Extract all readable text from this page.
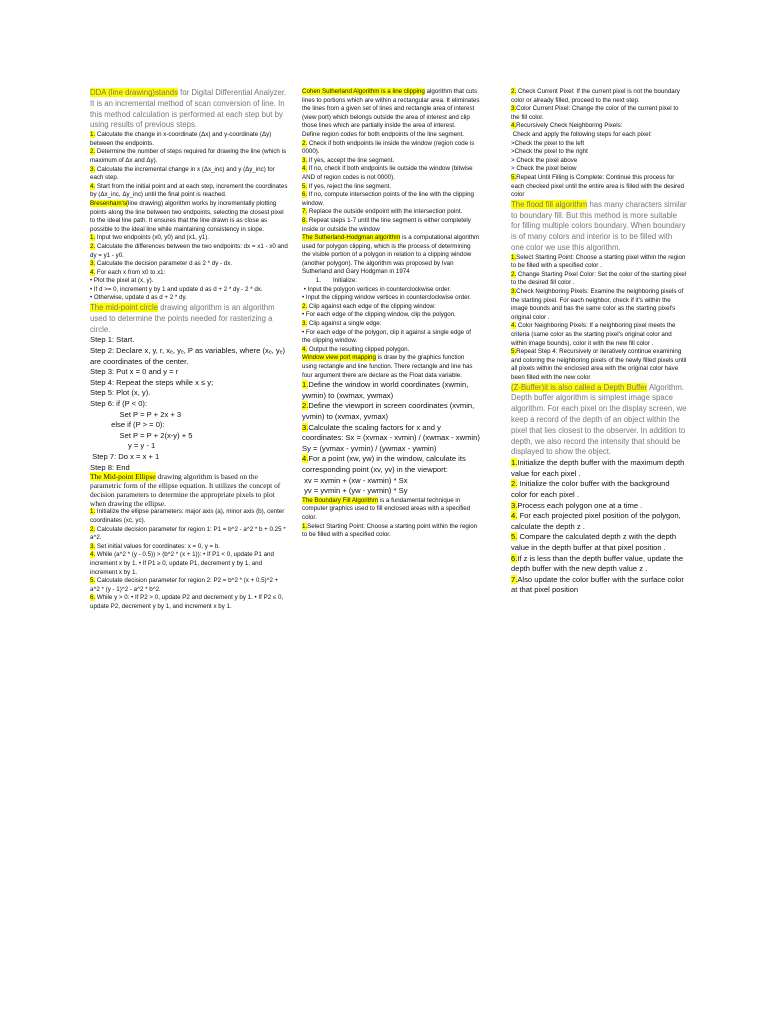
DDA (line drawing)stands for Digital Differential Analyzer. It is an incremental method of scan conversion of line. In this method calculation is performed at each step but by using results of previous steps.

1. Calculate the change in x-coordinate (Δx) and y-coordinate (Δy) between the endpoints.

2. Determine the number of steps required for drawing the line (which is maximum of Δx and Δy).

3. Calculate the incremental change in x (Δx_inc) and y (Δy_inc) for each step.

4. Start from the initial point and at each step, increment the coordinates by (Δx_inc, Δy_inc) until the final point is reached.

Bresenham's(line drawing) algorithm works by incrementally plotting points along the line between two endpoints, selecting the closest pixel to the ideal line path. It ensures that the line drawn is as close as possible to the ideal line while maintaining consistency in slope.

1. Input two endpoints (x0, y0) and (x1, y1).

2. Calculate the differences between the two endpoints: dx = x1 - x0 and dy = y1 - y0.

3. Calculate the decision parameter d as 2 * dy - dx.

4. For each x from x0 to x1:
• Plot the pixel at (x, y).
• If d >= 0, increment y by 1 and update d as d + 2 * dy - 2 * dx.
• Otherwise, update d as d + 2 * dy.

The mid-point circle drawing algorithm is an algorithm used to determine the points needed for rasterizing a circle.

Step 1: Start.
Step 2: Declare x, y, r, xₑ, yₑ, P as variables, where (xₑ, yₑ) are coordinates of the center.
Step 3: Put x = 0 and y = r
Step 4: Repeat the steps while x ≤ y;
Step 5: Plot (x, y).
Step 6: if (P < 0):
Set P = P + 2x + 3
else if (P > = 0):
Set P = P + 2(x-y) + 5
y = y - 1
Step 7: Do x = x + 1
Step 8: End

The Mid-point Ellipse drawing algorithm is based on the parametric form of the ellipse equation. It utilizes the concept of decision parameters to determine the appropriate pixels to plot when drawing the ellipse.

1. Initialize the ellipse parameters: major axis (a), minor axis (b), center coordinates (xc, yc).

2. Calculate decision parameter for region 1: P1 = b^2 - a^2 * b + 0.25 * a^2.

3. Set initial values for coordinates: x = 0, y = b.

4. While (a^2 * (y - 0.5)) > (b^2 * (x + 1)): • If P1 < 0, update P1 and increment x by 1. • If P1 ≥ 0, update P1, decrement y by 1, and increment x by 1.

5. Calculate decision parameter for region 2: P2 = b^2 * (x + 0.5)^2 + a^2 * (y - 1)^2 - a^2 * b^2.

6. While y > 0: • If P2 > 0, update P2 and decrement y by 1. • If P2 ≤ 0, update P2, decrement y by 1, and increment x by 1.

Cohen Sutherland Algorithm is a line clipping algorithm that cuts lines to portions which are within a rectangular area. It eliminates the lines from a given set of lines and rectangle area of interest (view port) which belongs outside the area of interest and clip those lines which are partially inside the area of interest.
Define region codes for both endpoints of the line segment.

2. Check if both endpoints lie inside the window (region code is 0000).

3. If yes, accept the line segment.

4. If no, check if both endpoints lie outside the window (bitwise AND of region codes is not 0000).

5. If yes, reject the line segment.

6. If no, compute intersection points of the line with the clipping window.

7. Replace the outside endpoint with the intersection point.

8. Repeat steps 1-7 until the line segment is either completely inside or outside the window

The Sutherland-Hodgman algorithm is a computational algorithm used for polygon clipping, which is the process of determining the visible portion of a polygon in relation to a clipping window (another polygon). The algorithm was proposed by Ivan Sutherland and Gary Hodgman in 1974
1.       Initialize:
• Input the polygon vertices in counterclockwise order.
• Input the clipping window vertices in counterclockwise order.

2. Clip against each edge of the clipping window:
• For each edge of the clipping window, clip the polygon.

3. Clip against a single edge:
• For each edge of the polygon, clip it against a single edge of the clipping window.

4. Output the resulting clipped polygon.

Window view port mapping is draw by the graphics function using rectangle and line function. There rectangle and line has four argument there are declare as the Float data variable.

1.Define the window in world coordinates (xwmin, ywmin) to (xwmax, ywmax)

2.Define the viewport in screen coordinates (xvmin, yvmin) to (xvmax, yvmax)

3.Calculate the scaling factors for x and y coordinates: Sx = (xvmax - xvmin) / (xwmax - xwmin) Sy = (yvmax - yvmin) / (ywmax - ywmin)

4.For a point (xw, yw) in the window, calculate its corresponding point (xv, yv) in the viewport:
xv = xvmin + (xw - xwmin) * Sx
yv = yvmin + (yw - ywmin) * Sy

The Boundary Fill Algorithm is a fundamental technique in computer graphics used to fill enclosed areas with a specified color.

1.Select Starting Point: Choose a starting point within the region to be filled with a specified color.

2. Check Current Pixel: If the current pixel is not the boundary color or already filled, proceed to the next step.

3.Color Current Pixel: Change the color of the current pixel to the fill color.

4.Recursively Check Neighboring Pixels:
Check and apply the following steps for each pixel:
>Check the pixel to the left
>Check the pixel to the right
> Check the pixel above
> Check the pixel below

5.Repeat Until Filling is Complete: Continue this process for each checked pixel until the entire area is filled with the desired color

The flood fill algorithm has many characters similar to boundary fill. But this method is more suitable for filling multiple colors boundary. When boundary is of many colors and interior is to be filled with one color we use this algorithm.

1.Select Starting Point: Choose a starting pixel within the region to be filled with a specified color .

2. Change Starting Pixel Color: Set the color of the starting pixel to the desired fill color .

3.Check Neighboring Pixels: Examine the neighboring pixels of the starting pixel. For each neighbor, check if it's within the image bounds and has the same color as the starting pixel's original color .

4. Color Neighboring Pixels: If a neighboring pixel meets the criteria (same color as the starting pixel's original color and within image bounds), color it with the new fill color .

5.Repeat Step 4: Recursively or iteratively continue examining and coloring the neighboring pixels of the newly filled pixels until all pixels within the enclosed area with the original color have been filled with the new color

(Z-Buffer)it is also called a Depth Buffer Algorithm. Depth buffer algorithm is simplest image space algorithm. For each pixel on the display screen, we keep a record of the depth of an object within the pixel that lies closest to the observer. In addition to depth, we also record the intensity that should be displayed to show the object.

1.Initialize the depth buffer with the maximum depth value for each pixel .

2. Initialize the color buffer with the background color for each pixel .

3.Process each polygon one at a time .

4. For each projected pixel position of the polygon, calculate the depth z .

5. Compare the calculated depth z with the depth value in the depth buffer at that pixel position .

6.If z is less than the depth buffer value, update the depth buffer with the new depth value z .

7.Also update the color buffer with the surface color at that pixel position
